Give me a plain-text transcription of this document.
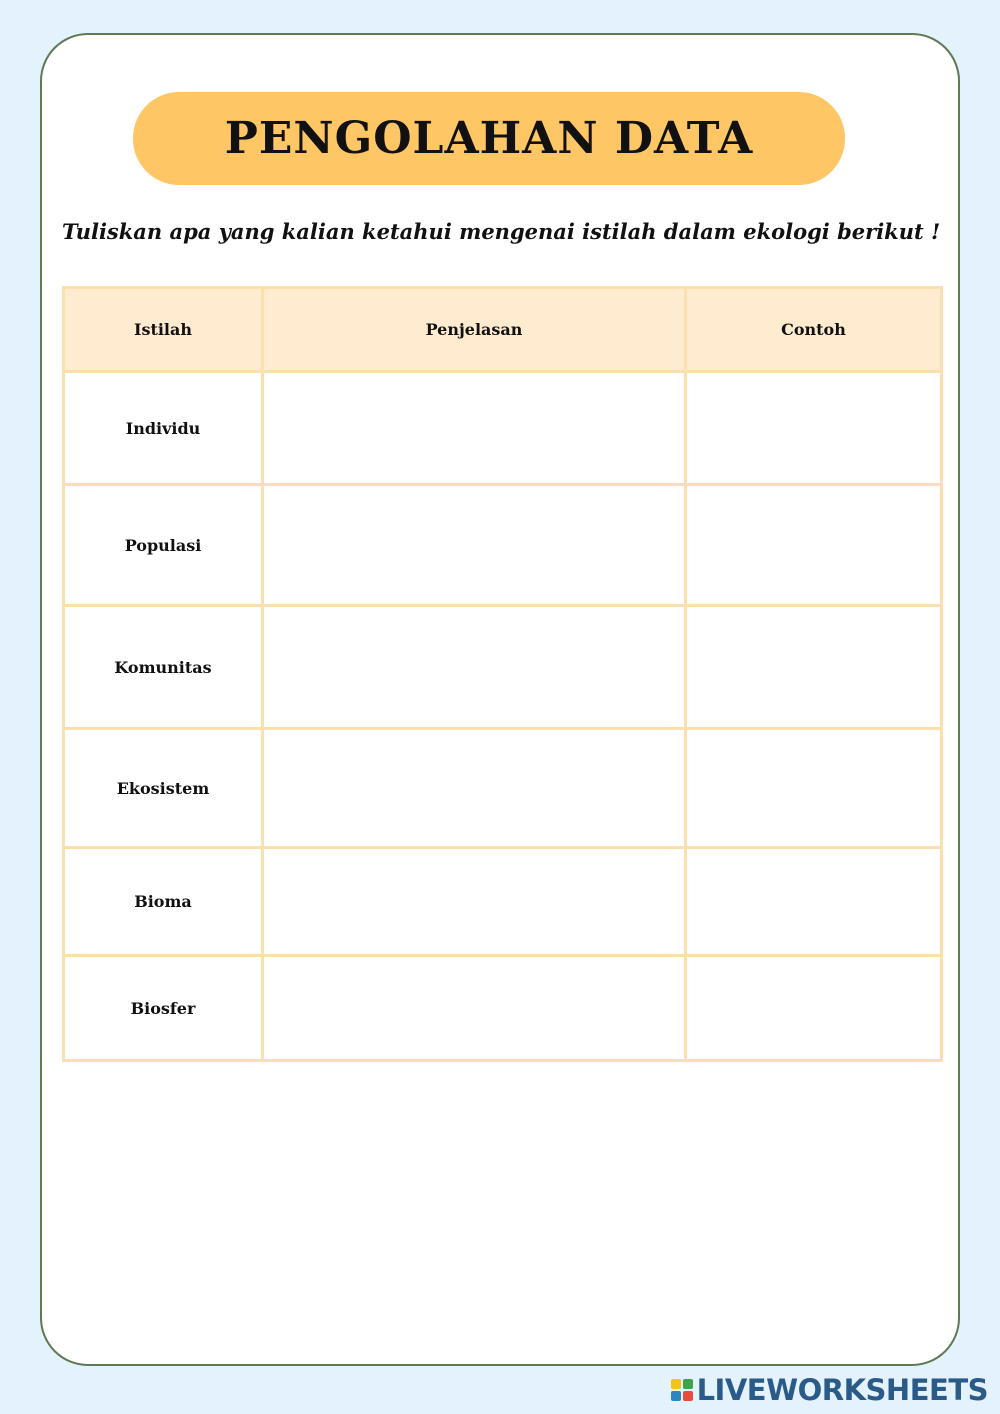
PENGOLAHAN DATA
Tuliskan apa yang kalian ketahui mengenai istilah dalam ekologi berikut !
Istilah	Penjelasan	Contoh
Individu		
Populasi		
Komunitas		
Ekosistem		
Bioma		
Biosfer		
LIVEWORKSHEETS
